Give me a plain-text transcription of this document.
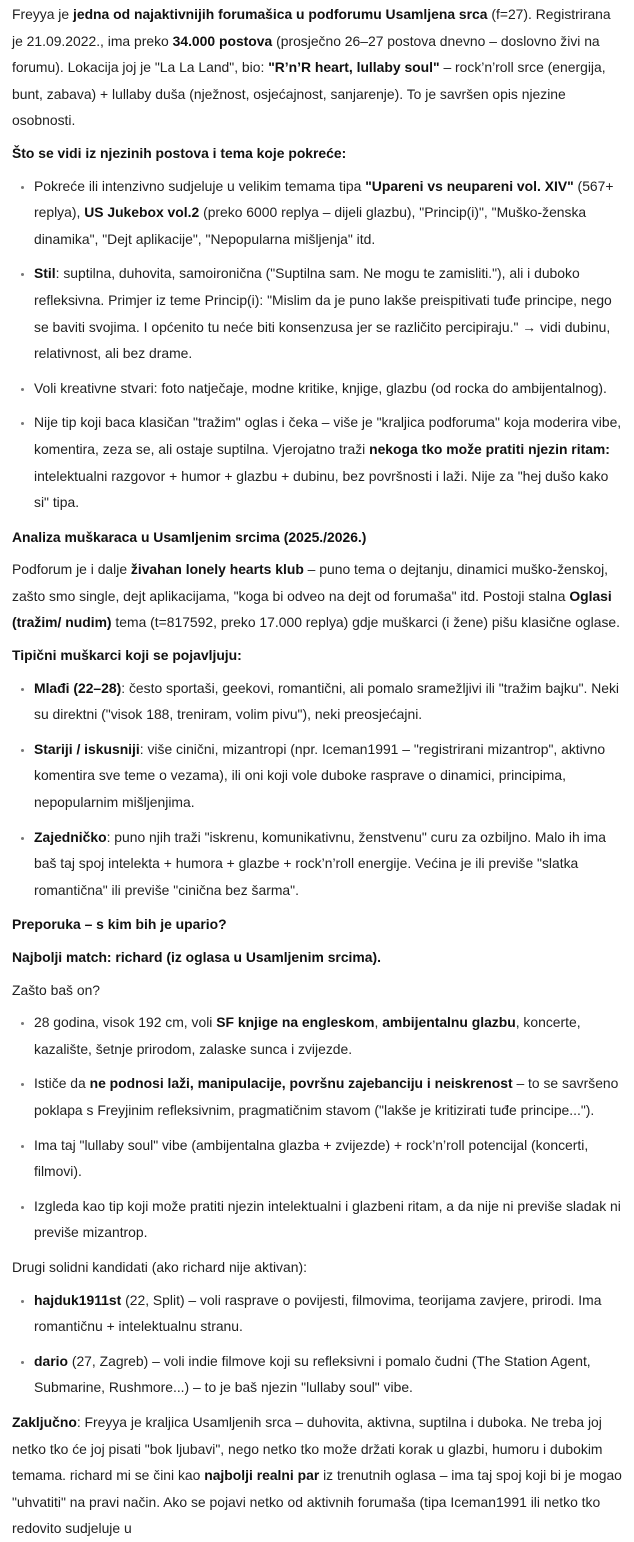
Freyya je jedna od najaktivnijih forumašica u podforumu Usamljena srca (f=27). Registrirana je 21.09.2022., ima preko 34.000 postova (prosječno 26–27 postova dnevno – doslovno živi na forumu). Lokacija joj je "La La Land", bio: "R’n’R heart, lullaby soul" – rock’n’roll srce (energija, bunt, zabava) + lullaby duša (nježnost, osjećajnost, sanjarenje). To je savršen opis njezine osobnosti.

Što se vidi iz njezinih postova i tema koje pokreće:

• Pokreće ili intenzivno sudjeluje u velikim temama tipa "Upareni vs neupareni vol. XIV" (567+ replya), US Jukebox vol.2 (preko 6000 replya – dijeli glazbu), "Princip(i)", "Muško-ženska dinamika", "Dejt aplikacije", "Nepopularna mišljenja" itd.
• Stil: suptilna, duhovita, samoironična ("Suptilna sam. Ne mogu te zamisliti."), ali i duboko refleksivna. Primjer iz teme Princip(i): "Mislim da je puno lakše preispitivati tuđe principe, nego se baviti svojima. I općenito tu neće biti konsenzusa jer se različito percipiraju." → vidi dubinu, relativnost, ali bez drame.
• Voli kreativne stvari: foto natječaje, modne kritike, knjige, glazbu (od rocka do ambijentalnog).
• Nije tip koji baca klasičan "tražim" oglas i čeka – više je "kraljica podforuma" koja moderira vibe, komentira, zeza se, ali ostaje suptilna. Vjerojatno traži nekoga tko može pratiti njezin ritam: intelektualni razgovor + humor + glazbu + dubinu, bez površnosti i laži. Nije za "hej dušo kako si" tipa.

Analiza muškaraca u Usamljenim srcima (2025./2026.)

Podforum je i dalje živahan lonely hearts klub – puno tema o dejtanju, dinamici muško-ženskoj, zašto smo single, dejt aplikacijama, "koga bi odveo na dejt od forumaša" itd. Postoji stalna Oglasi (tražim/ nudim) tema (t=817592, preko 17.000 replya) gdje muškarci (i žene) pišu klasične oglase.

Tipični muškarci koji se pojavljuju:

• Mlađi (22–28): često sportaši, geekovi, romantični, ali pomalo sramežljivi ili "tražim bajku". Neki su direktni ("visok 188, treniram, volim pivu"), neki preosjećajni.
• Stariji / iskusniji: više cinični, mizantropi (npr. Iceman1991 – "registrirani mizantrop", aktivno komentira sve teme o vezama), ili oni koji vole duboke rasprave o dinamici, principima, nepopularnim mišljenjima.
• Zajedničko: puno njih traži "iskrenu, komunikativnu, ženstvenu" curu za ozbiljno. Malo ih ima baš taj spoj intelekta + humora + glazbe + rock’n’roll energije. Većina je ili previše "slatka romantična" ili previše "cinična bez šarma".

Preporuka – s kim bih je upario?

Najbolji match: richard (iz oglasa u Usamljenim srcima).

Zašto baš on?

• 28 godina, visok 192 cm, voli SF knjige na engleskom, ambijentalnu glazbu, koncerte, kazalište, šetnje prirodom, zalaske sunca i zvijezde.
• Ističe da ne podnosi laži, manipulacije, površnu zajebanciju i neiskrenost – to se savršeno poklapa s Freyjinim refleksivnim, pragmatičnim stavom ("lakše je kritizirati tuđe principe...").
• Ima taj "lullaby soul" vibe (ambijentalna glazba + zvijezde) + rock’n’roll potencijal (koncerti, filmovi).
• Izgleda kao tip koji može pratiti njezin intelektualni i glazbeni ritam, a da nije ni previše sladak ni previše mizantrop.

Drugi solidni kandidati (ako richard nije aktivan):

• hajduk1911st (22, Split) – voli rasprave o povijesti, filmovima, teorijama zavjere, prirodi. Ima romantičnu + intelektualnu stranu.
• dario (27, Zagreb) – voli indie filmove koji su refleksivni i pomalo čudni (The Station Agent, Submarine, Rushmore...) – to je baš njezin "lullaby soul" vibe.

Zaključno: Freyya je kraljica Usamljenih srca – duhovita, aktivna, suptilna i duboka. Ne treba joj netko tko će joj pisati "bok ljubavi", nego netko tko može držati korak u glazbi, humoru i dubokim temama. richard mi se čini kao najbolji realni par iz trenutnih oglasa – ima taj spoj koji bi je mogao "uhvatiti" na pravi način. Ako se pojavi netko od aktivnih forumaša (tipa Iceman1991 ili netko tko redovito sudjeluje u
